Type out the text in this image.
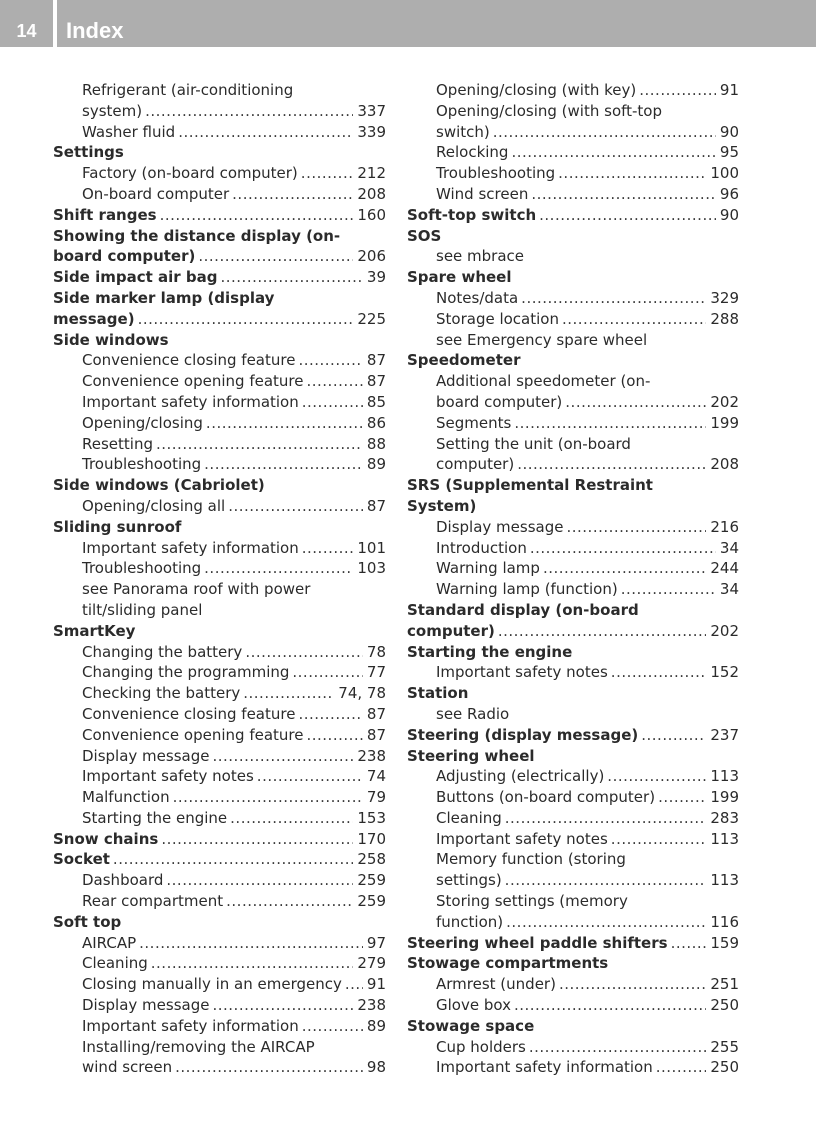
14	Index
Refrigerant (air-conditioning
system) .....	337
Washer fluid .....	339
Settings
Factory (on-board computer) .....	212
On-board computer .....	208
Shift ranges .....	160
Showing the distance display (on-
board computer) .....	206
Side impact air bag .....	39
Side marker lamp (display
message) .....	225
Side windows
Convenience closing feature .....	87
Convenience opening feature .....	87
Important safety information .....	85
Opening/closing .....	86
Resetting .....	88
Troubleshooting .....	89
Side windows (Cabriolet)
Opening/closing all .....	87
Sliding sunroof
Important safety information .....	101
Troubleshooting .....	103
see Panorama roof with power
tilt/sliding panel
SmartKey
Changing the battery .....	78
Changing the programming .....	77
Checking the battery .....	74, 78
Convenience closing feature .....	87
Convenience opening feature .....	87
Display message .....	238
Important safety notes .....	74
Malfunction .....	79
Starting the engine .....	153
Snow chains .....	170
Socket .....	258
Dashboard .....	259
Rear compartment .....	259
Soft top
AIRCAP .....	97
Cleaning .....	279
Closing manually in an emergency ..... 91
Display message .....	238
Important safety information .....	89
Installing/removing the AIRCAP
wind screen .....	98
Opening/closing (with key) .....	91
Opening/closing (with soft-top
switch) .....	90
Relocking .....	95
Troubleshooting .....	100
Wind screen .....	96
Soft-top switch .....	90
SOS
see mbrace
Spare wheel
Notes/data .....	329
Storage location .....	288
see Emergency spare wheel
Speedometer
Additional speedometer (on-
board computer) .....	202
Segments .....	199
Setting the unit (on-board
computer) .....	208
SRS (Supplemental Restraint
System)
Display message .....	216
Introduction .....	34
Warning lamp .....	244
Warning lamp (function) .....	34
Standard display (on-board
computer) .....	202
Starting the engine
Important safety notes .....	152
Station
see Radio
Steering (display message) .....	237
Steering wheel
Adjusting (electrically) .....	113
Buttons (on-board computer) .....	199
Cleaning .....	283
Important safety notes .....	113
Memory function (storing
settings) .....	113
Storing settings (memory
function) .....	116
Steering wheel paddle shifters .....	159
Stowage compartments
Armrest (under) .....	251
Glove box .....	250
Stowage space
Cup holders .....	255
Important safety information .....	250
